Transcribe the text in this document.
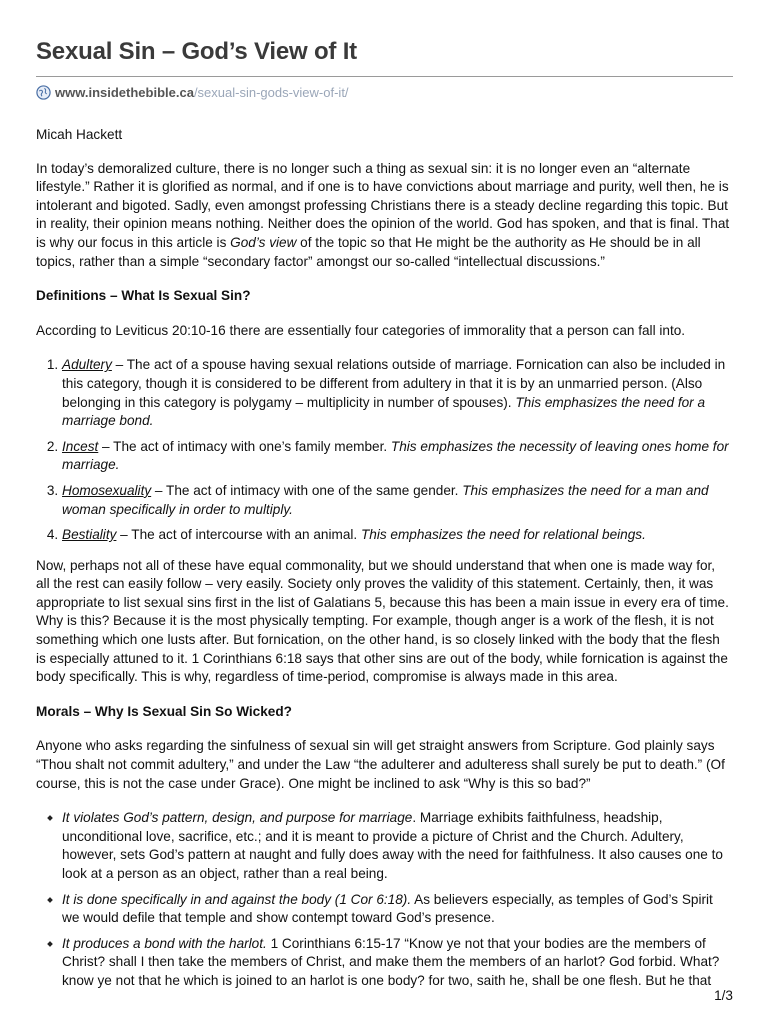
Sexual Sin – God’s View of It
www.insidethebible.ca /sexual-sin-gods-view-of-it/

Micah Hackett

In today’s demoralized culture, there is no longer such a thing as sexual sin: it is no longer even an “alternate lifestyle.” Rather it is glorified as normal, and if one is to have convictions about marriage and purity, well then, he is intolerant and bigoted. Sadly, even amongst professing Christians there is a steady decline regarding this topic. But in reality, their opinion means nothing. Neither does the opinion of the world. God has spoken, and that is final. That is why our focus in this article is God’s view of the topic so that He might be the authority as He should be in all topics, rather than a simple “secondary factor” amongst our so-called “intellectual discussions.”

Definitions – What Is Sexual Sin?

According to Leviticus 20:10-16 there are essentially four categories of immorality that a person can fall into.

1. Adultery – The act of a spouse having sexual relations outside of marriage. Fornication can also be included in this category, though it is considered to be different from adultery in that it is by an unmarried person. (Also belonging in this category is polygamy – multiplicity in number of spouses). This emphasizes the need for a marriage bond.
2. Incest – The act of intimacy with one’s family member. This emphasizes the necessity of leaving ones home for marriage.
3. Homosexuality – The act of intimacy with one of the same gender. This emphasizes the need for a man and woman specifically in order to multiply.
4. Bestiality – The act of intercourse with an animal. This emphasizes the need for relational beings.

Now, perhaps not all of these have equal commonality, but we should understand that when one is made way for, all the rest can easily follow – very easily. Society only proves the validity of this statement. Certainly, then, it was appropriate to list sexual sins first in the list of Galatians 5, because this has been a main issue in every era of time. Why is this? Because it is the most physically tempting. For example, though anger is a work of the flesh, it is not something which one lusts after. But fornication, on the other hand, is so closely linked with the body that the flesh is especially attuned to it. 1 Corinthians 6:18 says that other sins are out of the body, while fornication is against the body specifically. This is why, regardless of time-period, compromise is always made in this area.

Morals – Why Is Sexual Sin So Wicked?

Anyone who asks regarding the sinfulness of sexual sin will get straight answers from Scripture. God plainly says “Thou shalt not commit adultery,” and under the Law “the adulterer and adulteress shall surely be put to death.” (Of course, this is not the case under Grace). One might be inclined to ask “Why is this so bad?”

It violates God’s pattern, design, and purpose for marriage. Marriage exhibits faithfulness, headship, unconditional love, sacrifice, etc.; and it is meant to provide a picture of Christ and the Church. Adultery, however, sets God’s pattern at naught and fully does away with the need for faithfulness. It also causes one to look at a person as an object, rather than a real being.
It is done specifically in and against the body (1 Cor 6:18). As believers especially, as temples of God’s Spirit we would defile that temple and show contempt toward God’s presence.
It produces a bond with the harlot. 1 Corinthians 6:15-17 “Know ye not that your bodies are the members of Christ? shall I then take the members of Christ, and make them the members of an harlot? God forbid. What? know ye not that he which is joined to an harlot is one body? for two, saith he, shall be one flesh. But he that
1/3
